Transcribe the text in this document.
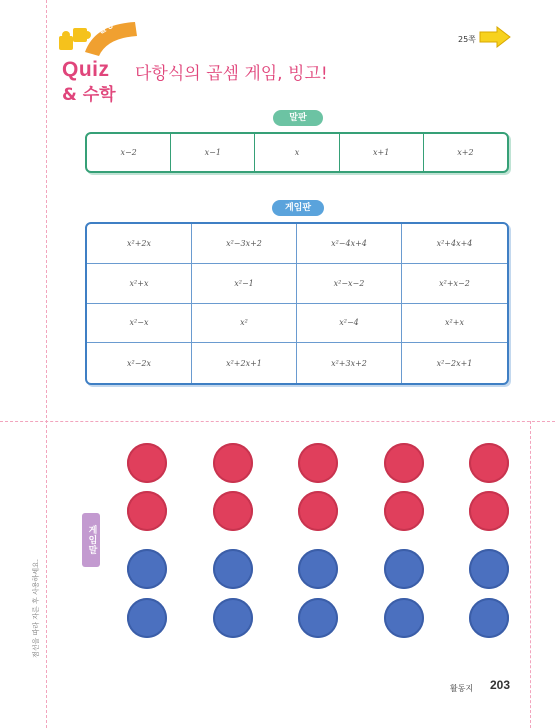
활동지
Quiz
& 수학
다항식의 곱셈 게임, 빙고!
25쪽
말판
x−2	x−1	x	x+1	x+2
게임판
x²+2x	x²−3x+2	x²−4x+4	x²+4x+4
x²+x	x²−1	x²−x−2	x²+x−2
x²−x	x²	x²−4	x²+x
x²−2x	x²+2x+1	x²+3x+2	x²−2x+1
점선을 따라 자른 후 사용하세요.
게임말
활동지 203
